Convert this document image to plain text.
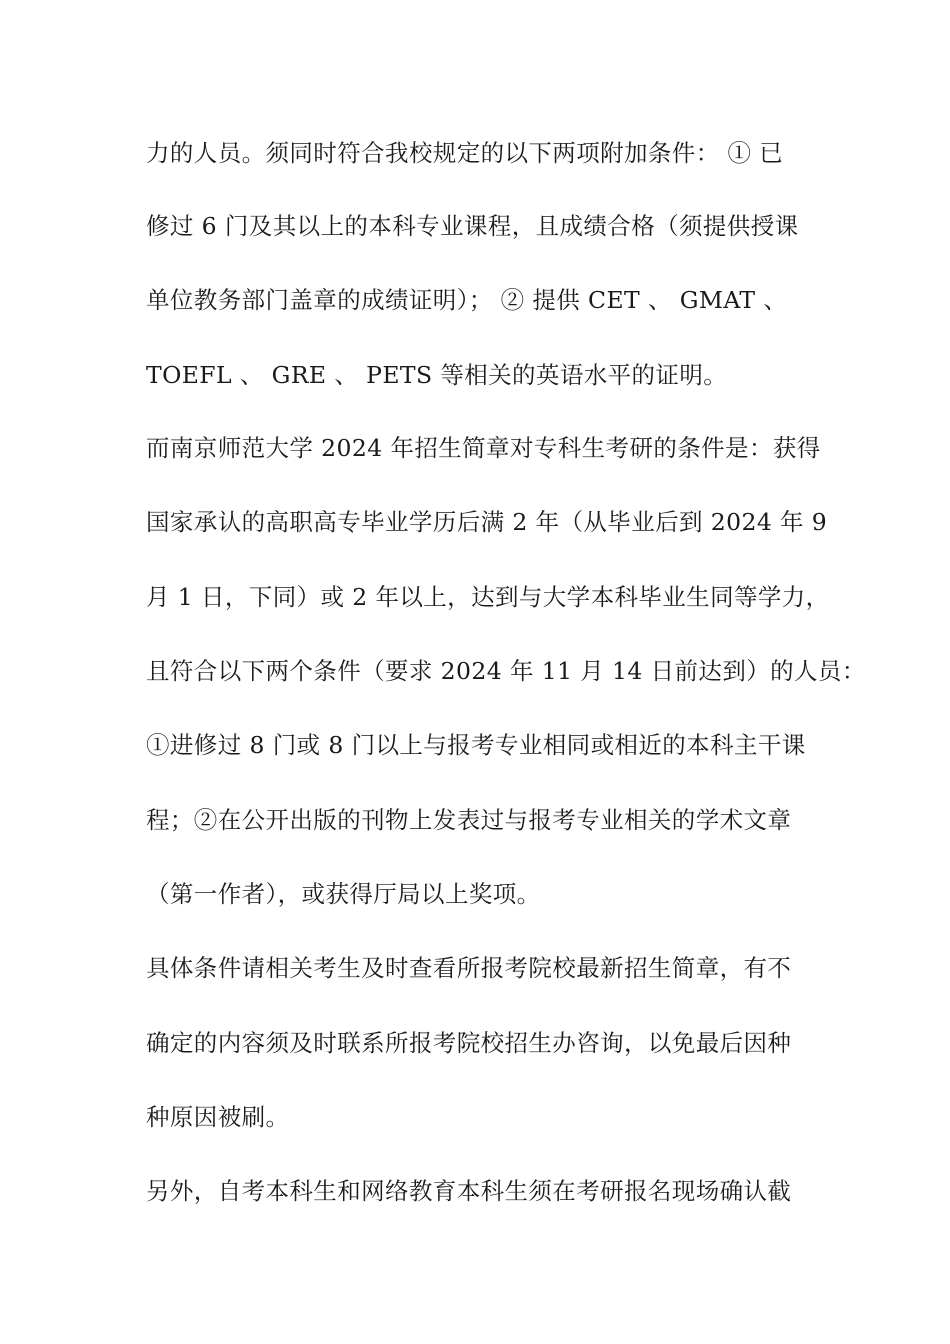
力的人员。须同时符合我校规定的以下两项附加条件： ① 已
修过 6 门及其以上的本科专业课程，且成绩合格（须提供授课
单位教务部门盖章的成绩证明）； ② 提供 CET 、 GMAT 、
TOEFL 、 GRE 、 PETS 等相关的英语水平的证明。
而南京师范大学 2024 年招生简章对专科生考研的条件是：获得
国家承认的高职高专毕业学历后满 2 年（从毕业后到 2024 年 9
月 1 日，下同）或 2 年以上，达到与大学本科毕业生同等学力，
且符合以下两个条件（要求 2024 年 11 月 14 日前达到）的人员：
①进修过 8 门或 8 门以上与报考专业相同或相近的本科主干课
程；②在公开出版的刊物上发表过与报考专业相关的学术文章
（第一作者），或获得厅局以上奖项。
具体条件请相关考生及时查看所报考院校最新招生简章，有不
确定的内容须及时联系所报考院校招生办咨询，以免最后因种
种原因被刷。
另外，自考本科生和网络教育本科生须在考研报名现场确认截
